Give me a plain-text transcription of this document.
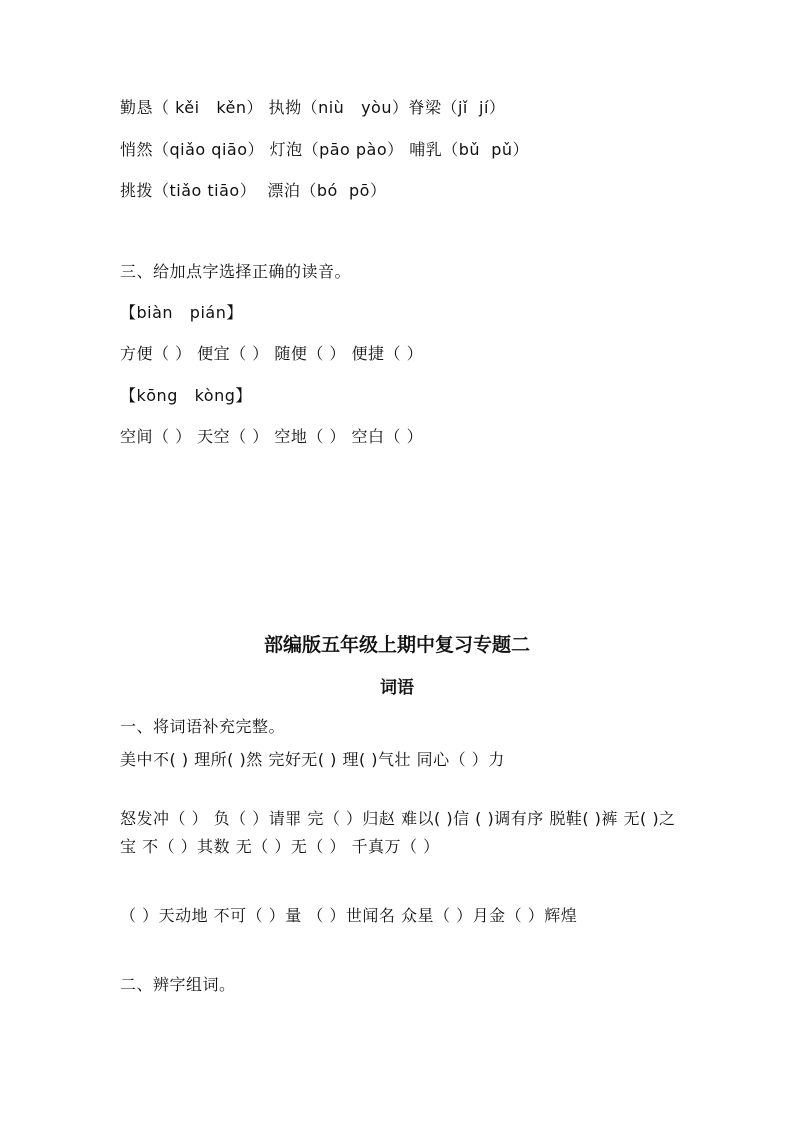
勤恳（ kěi   kěn） 执拗（niù   yòu）脊梁（jǐ  jí）
悄然（qiǎo qiāo） 灯泡（pāo pào） 哺乳（bǔ  pǔ）
挑拨（tiǎo tiāo）  漂泊（bó  pō）
三、给加点字选择正确的读音。
【biàn   pián】
方便（ ） 便宜（ ） 随便（ ） 便捷（ ）
【kōng   kòng】
空间（ ） 天空（ ） 空地（ ） 空白（ ）
部编版五年级上期中复习专题二
词语
一、将词语补充完整。
美中不( ) 理所( )然 完好无( ) 理( )气壮 同心（ ）力
怒发冲（ ） 负（ ）请罪 完（ ）归赵 难以( )信 ( )调有序 脱鞋( )裤 无( )之宝 不（ ）其数 无（ ）无（ ） 千真万（ ）
（ ）天动地 不可（ ）量 （ ）世闻名 众星（ ）月金（ ）辉煌
二、辨字组词。
